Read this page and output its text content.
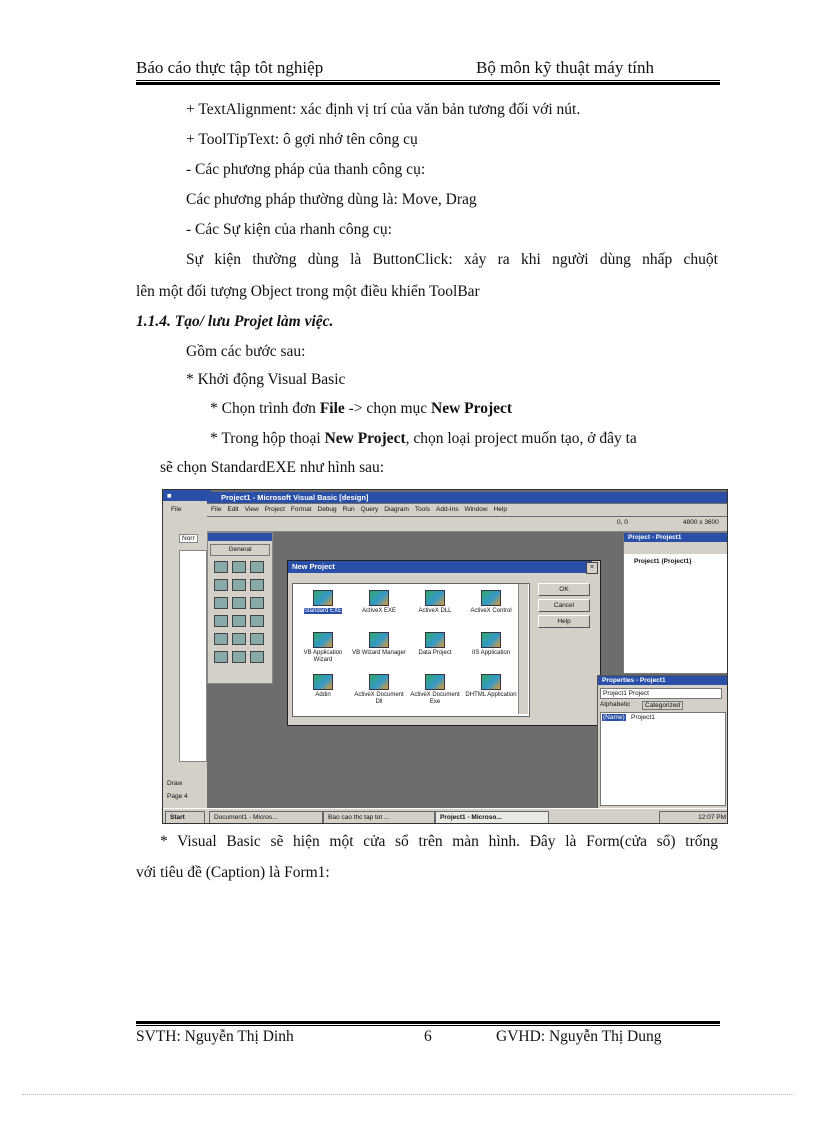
Báo cáo thực tập tôt nghiệp	Bộ môn kỹ thuật máy tính
+ TextAlignment: xác định vị trí của văn bản tương đối với nút.
+ ToolTipText: ô gợi nhớ tên công cụ
- Các phương pháp của thanh công cụ:
Các phương pháp thường dùng là: Move, Drag
- Các Sự kiện của rhanh công cụ:
Sự kiện thường dùng là ButtonClick: xảy ra khi người dùng nhấp chuột
lên một đối tượng Object trong một điều khiển ToolBar
1.1.4. Tạo/ lưu Projet làm việc.
Gồm các bước sau:
* Khởi động Visual Basic
* Chọn trình đơn File -> chọn mục New Project
* Trong hộp thoại New Project, chọn loại project muốn tạo, ở đây ta
sẽ chọn StandardEXE như hình sau:
■
File
Norr
Draw
Page 4
Project1 - Microsoft Visual Basic [design]
File Edit View Project Format Debug Run Query Diagram Tools Add-Ins Window Help
0, 0	4800 x 3600
General
New Project	×
Standard EXE	ActiveX EXE	ActiveX DLL	ActiveX Control
VB Application Wizard
VB Wizard Manager	Data Project	IIS Application
Addin	ActiveX Document Dll
ActiveX Document Exe
DHTML Application
OK
Cancel
Help
Project - Project1
Project1 (Project1)
Properties - Project1
Project1 Project
Alphabetic	Categorized
(Name) Project1
Start	Document1 - Micros...	Bao cao thc tap tot ...	Project1 - Microso...	12:07 PM
* Visual Basic sẽ hiện một cửa sổ trên màn hình. Đây là Form(cửa sổ) trống
với tiêu đề (Caption) là Form1:
SVTH: Nguyễn Thị Dinh	6	GVHD: Nguyễn Thị Dung
